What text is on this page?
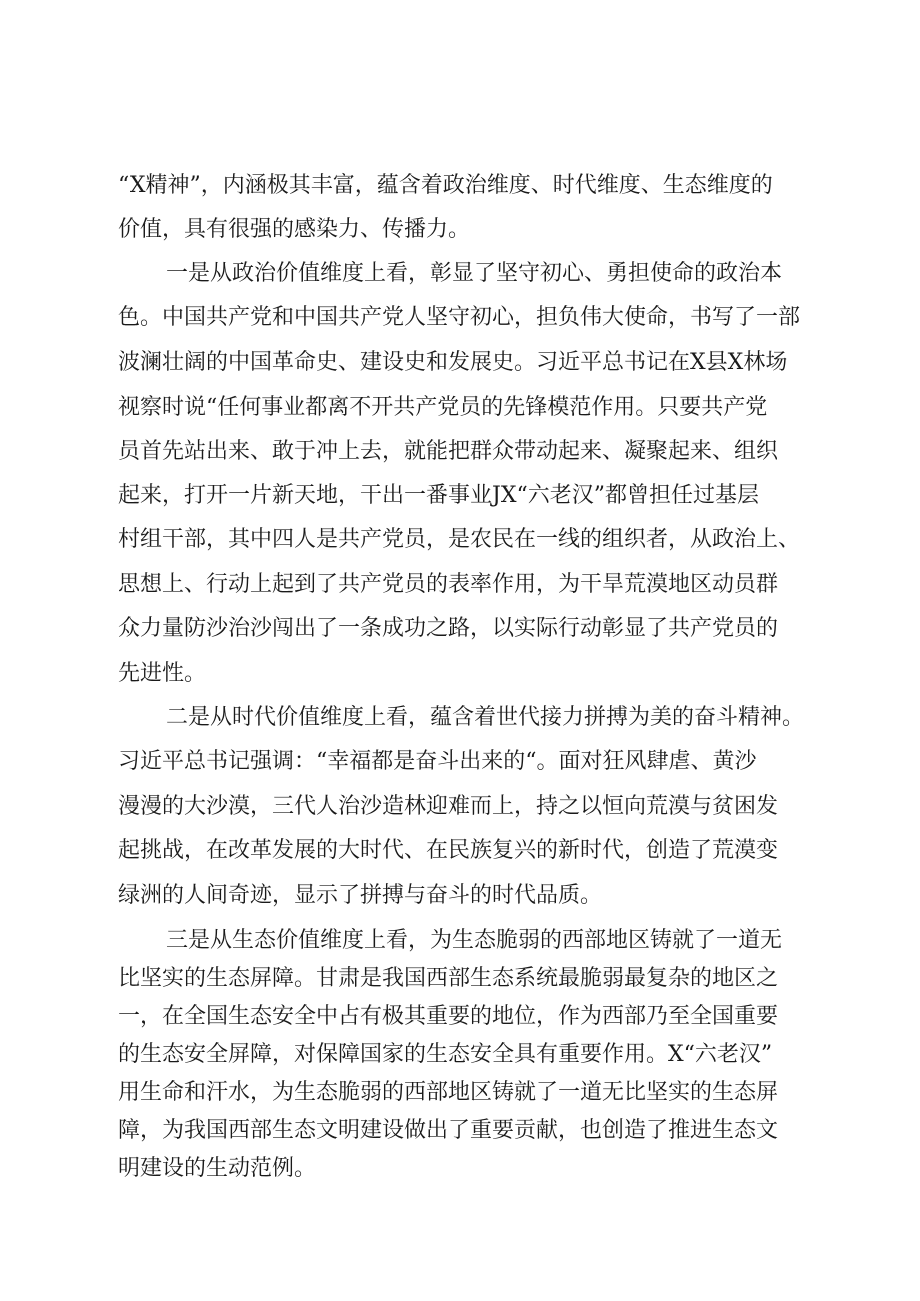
“X精神”，内涵极其丰富，蕴含着政治维度、时代维度、生态维度的
价值，具有很强的感染力、传播力。
一是从政治价值维度上看，彰显了坚守初心、勇担使命的政治本
色。中国共产党和中国共产党人坚守初心，担负伟大使命，书写了一部
波澜壮阔的中国革命史、建设史和发展史。习近平总书记在X县X林场
视察时说“任何事业都离不开共产党员的先锋模范作用。只要共产党
员首先站出来、敢于冲上去，就能把群众带动起来、凝聚起来、组织
起来，打开一片新天地，干出一番事业JX“六老汉”都曾担任过基层
村组干部，其中四人是共产党员，是农民在一线的组织者，从政治上、
思想上、行动上起到了共产党员的表率作用，为干旱荒漠地区动员群
众力量防沙治沙闯出了一条成功之路，以实际行动彰显了共产党员的
先进性。
二是从时代价值维度上看，蕴含着世代接力拼搏为美的奋斗精神。
习近平总书记强调：“幸福都是奋斗出来的“。面对狂风肆虐、黄沙
漫漫的大沙漠，三代人治沙造林迎难而上，持之以恒向荒漠与贫困发
起挑战，在改革发展的大时代、在民族复兴的新时代，创造了荒漠变
绿洲的人间奇迹，显示了拼搏与奋斗的时代品质。
三是从生态价值维度上看，为生态脆弱的西部地区铸就了一道无
比坚实的生态屏障。甘肃是我国西部生态系统最脆弱最复杂的地区之
一，在全国生态安全中占有极其重要的地位，作为西部乃至全国重要
的生态安全屏障，对保障国家的生态安全具有重要作用。X“六老汉”
用生命和汗水，为生态脆弱的西部地区铸就了一道无比坚实的生态屏
障，为我国西部生态文明建设做出了重要贡献，也创造了推进生态文
明建设的生动范例。
